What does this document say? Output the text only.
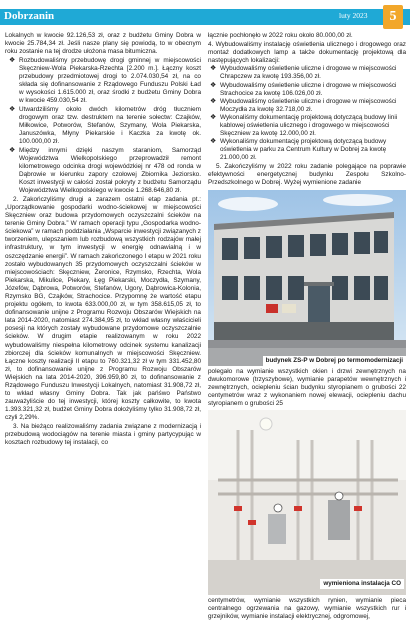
Dobrzanin	luty 2023	5

Lokalnych w kwocie 92.126,53 zł, oraz z budżetu Gminy Dobra w kwocie 25.784,34 zł. Jeśli nasze plany się powiodą, to w obecnym roku zostanie na tej drodze ułożona masa bitumiczna.

❖ Rozbudowaliśmy przebudowę drogi gminnej w miejscowości Skęczniew-Wola Piekarska-Rzechta [2.200 m.]. Łączny koszt przebudowy przedmiotowej drogi to 2.074.030,54 zł, na co składa się dofinansowanie z Rządowego Funduszu Polski Ład w wysokości 1.615.000 zł, oraz środki z budżetu Gminy Dobra w kwocie 459.030,54 zł.
❖ Utwardziliśmy około dwóch kilometrów dróg tłuczniem drogowym oraz tzw. destruktem na terenie sołectw: Czajków, Miłkowice, Potworów, Stefanów, Szymany, Wola Piekarska, Januszówka, Młyny Piekarskie i Kaczka za kwotę ok. 100.000,00 zł.
❖ Między innymi dzięki naszym staraniom, Samorząd Województwa Wielkopolskiego przeprowadził remont kilometrowego odcinka drogi wojewódzkiej nr 478 od ronda w Dąbrowie w kierunku zapory czołowej Zbiornika Jeziorsko. Koszt inwestycji w całości został pokryty z budżetu Samorządu Województwa Wielkopolskiego w kwocie 1.268.646,80 zł.

2. Zakończyliśmy drugi a zarazem ostatni etap zadania pt.: „Uporządkowanie gospodarki wodno-ściekowej w miejscowości Skęczniew oraz budowa przydomowych oczyszczalni ścieków na terenie Gminy Dobra.” W ramach operacji typu „Gospodarka wodno-ściekowa” w ramach poddziałania „Wsparcie inwestycji związanych z tworzeniem, ulepszaniem lub rozbudową wszystkich rodzajów małej infrastruktury, w tym inwestycji w energię odnawialną i w oszczędzanie energii”. W ramach zakończonego I etapu w 2021 roku zostało wybudowanych 35 przydomowych oczyszczalni ścieków w miejscowościach: Skęczniew, Żeronice, Rzymsko, Rzechta, Wola Piekarska, Mikulice, Piekary, Łęg Piekarski, Moczydła, Szymany, Józefów, Dąbrowa, Potworów, Stefanów, Ugory, Dąbrowica-Kolonia, Rzymsko BG, Czajków, Strachocice. Przypomnę że wartość etapu projektu ogółem, to kwota 633.000,00 zł, w tym 358.615,05 zł, to dofinansowanie unijne z Programu Rozwoju Obszarów Wiejskich na lata 2014-2020, natomiast 274.384,95 zł, to wkład własny właścicieli posesji na których zostały wybudowane przydomowe oczyszczalnie ścieków. W drugim etapie realizowanym w roku 2022 wybudowaliśmy niespełna kilometrowy odcinek systemu kanalizacji zbiorczej dla ścieków komunalnych w miejscowości Skęczniew. Łączne koszty realizacji II etapu to 760.321,32 zł w tym 331.452,80 zł, to dofinansowanie unijne z Programu Rozwoju Obszarów Wiejskich na lata 2014-2020, 396.959,80 zł, to dofinansowanie z Rządowego Funduszu Inwestycji Lokalnych, natomiast 31.908,72 zł, to wkład własny Gminy Dobra. Tak jak pańśwo Państwo zauważyliście do tej inwestycji, której koszty całkowite, to kwota 1.393.321,32 zł, budżet Gminy Dobra dołożyliśmy tylko 31.908,72 zł, czyli 2,29%.

3. Na bieżąco realizowaliśmy zadania związane z modernizacją i przebudową wodociągów na terenie miasta i gminy partycypując w kosztach rozbudowy tej instalacji, co

łącznie pochłonęło w 2022 roku około 80.000,00 zł.

4. Wybudowaliśmy instalację oświetlenia ulicznego i drogowego oraz montaż dodatkowych lamp a także dokumentację projektową dla następujących lokalizacji:

❖ Wybudowaliśmy oświetlenie uliczne i drogowe w miejscowości Chrapczew za kwotę 193.356,00 zł.
❖ Wybudowaliśmy oświetlenie uliczne i drogowe w miejscowości Strachocice za kwotę 106.026,00 zł.
❖ Wybudowaliśmy oświetlenie uliczne i drogowe w miejscowości Moczydła za kwotę 32.718,00 zł.
❖ Wykonaliśmy dokumentację projektową dotyczącą budowy linii kablowej oświetlenia ulicznego i drogowego w miejscowości Skęczniew za kwotę 12.000,00 zł.
❖ Wykonaliśmy dokumentację projektową dotyczącą budowy oświetlenia w parku za Centrum Kultury w Dobrej za kwotę 21.000,00 zł.

5. Zakończyliśmy w 2022 roku zadanie polegające na poprawie efektywności energetycznej budynku Zespołu Szkolno-Przedszkolnego w Dobrej. Wyżej wymienione zadanie

budynek ZS-P w Dobrej po termomodernizacji

polegało na wymianie wszystkich okien i drzwi zewnętrznych na dwukomorowe (trzyszybowe), wymianie parapetów wewnętrznych i zewnętrznych, ociepleniu ścian budynku styropianem o grubości 22 centymetrów wraz z wykonaniem nowej elewacji, ociepleniu dachu styropianem o grubości 25

wymieniona instalacja CO

centymetrów, wymianie wszystkich rynien, wymianie pieca centralnego ogrzewania na gazowy, wymianie wszystkich rur i grzejników, wymianie instalacji elektrycznej, odgromowej,
